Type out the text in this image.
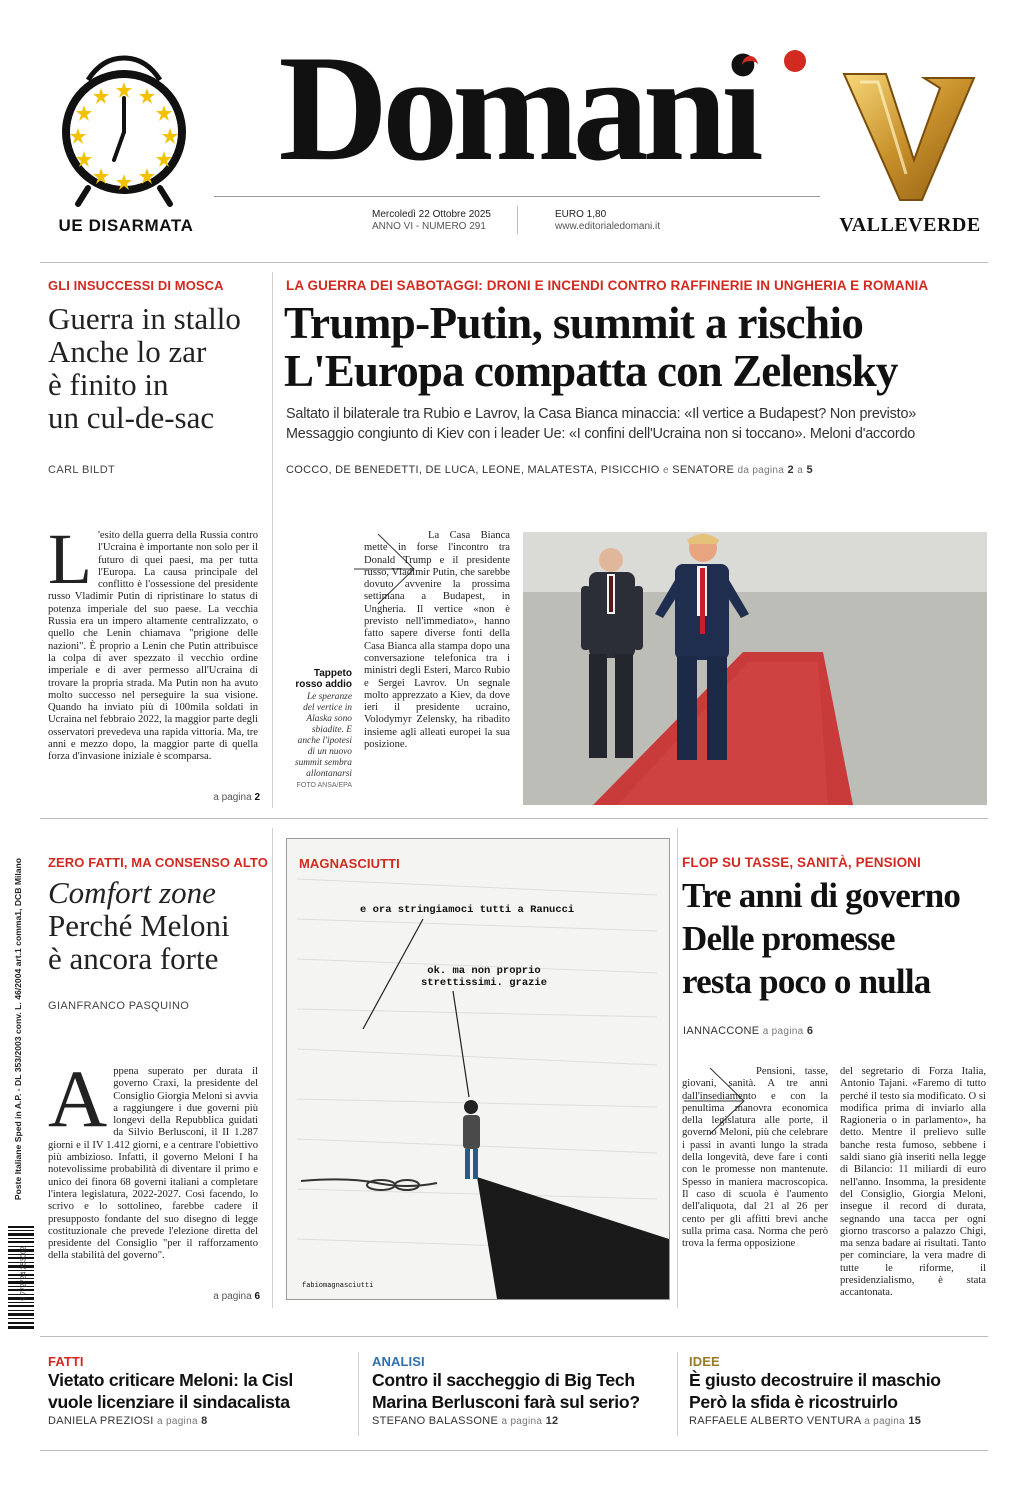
UE DISARMATA
Domani
Mercoledì 22 Ottobre 2025
ANNO VI - NUMERO 291
EURO 1,80
www.editorialedomani.it	VALLEVERDE
GLI INSUCCESSI DI MOSCA
Guerra in stallo
Anche lo zar
è finito in
un cul-de-sac
CARL BILDT
L 'esito della guerra della Russia contro l'Ucraina è importante non solo per il futuro di quei paesi, ma per tutta l'Europa. La causa principale del conflitto è l'ossessione del presidente russo Vladimir Putin di ripristinare lo status di potenza imperiale del suo paese. La vecchia Russia era un impero altamente centralizzato, o quello che Lenin chiamava "prigione delle nazioni". È proprio a Lenin che Putin attribuisce la colpa di aver spezzato il vecchio ordine imperiale e di aver permesso all'Ucraina di trovare la propria strada. Ma Putin non ha avuto molto successo nel perseguire la sua visione. Quando ha inviato più di 100mila soldati in Ucraina nel febbraio 2022, la maggior parte degli osservatori prevedeva una rapida vittoria. Ma, tre anni e mezzo dopo, la maggior parte di quella forza d'invasione iniziale è scomparsa.
a pagina 2
LA GUERRA DEI SABOTAGGI: DRONI E INCENDI CONTRO RAFFINERIE IN UNGHERIA E ROMANIA
Trump-Putin, summit a rischio
L'Europa compatta con Zelensky
Saltato il bilaterale tra Rubio e Lavrov, la Casa Bianca minaccia: «Il vertice a Budapest? Non previsto»
Messaggio congiunto di Kiev con i leader Ue: «I confini dell'Ucraina non si toccano». Meloni d'accordo
COCCO, DE BENEDETTI, DE LUCA, LEONE, MALATESTA, PISICCHIO e SENATORE da pagina 2 a 5
La Casa Bianca mette in forse l'incontro tra Donald Trump e il presidente russo, Vladimir Putin, che sarebbe dovuto avvenire la prossima settimana a Budapest, in Ungheria. Il vertice «non è previsto nell'immediato», hanno fatto sapere diverse fonti della Casa Bianca alla stampa dopo una conversazione telefonica tra i ministri degli Esteri, Marco Rubio e Sergei Lavrov. Un segnale molto apprezzato a Kiev, da dove ieri il presidente ucraino, Volodymyr Zelensky, ha ribadito insieme agli alleati europei la sua posizione.
Tappeto rosso addio
Le speranze del vertice in Alaska sono sbiadite. E anche l'ipotesi di un nuovo summit sembra allontanarsi
FOTO ANSA/EPA
ZERO FATTI, MA CONSENSO ALTO
Comfort zone
Perché Meloni
è ancora forte
GIANFRANCO PASQUINO
Appena superato per durata il governo Craxi, la presidente del Consiglio Giorgia Meloni si avvia a raggiungere i due governi più longevi della Repubblica guidati da Silvio Berlusconi, il II 1.287 giorni e il IV 1.412 giorni, e a centrare l'obiettivo più ambizioso. Infatti, il governo Meloni I ha notevolissime probabilità di diventare il primo e unico dei finora 68 governi italiani a completare l'intera legislatura, 2022-2027. Così facendo, lo scrivo e lo sottolineo, farebbe cadere il presupposto fondante del suo disegno di legge costituzionale che prevede l'elezione diretta del presidente del Consiglio "per il rafforzamento della stabilità del governo".
a pagina 6
MAGNASCIUTTI
e ora stringiamoci tutti a Ranucci
ok. ma non proprio
strettissimi. grazie
fabiomagnasciutti
FLOP SU TASSE, SANITÀ, PENSIONI
Tre anni di governo
Delle promesse
resta poco o nulla
IANNACCONE a pagina 6
Pensioni, tasse, giovani, sanità. A tre anni dall'insediamento e con la penultima manovra economica della legislatura alle porte, il governo Meloni, più che celebrare i passi in avanti lungo la strada della longevità, deve fare i conti con le promesse non mantenute. Spesso in maniera macroscopica. Il caso di scuola è l'aumento dell'aliquota, dal 21 al 26 per cento per gli affitti brevi anche sulla prima casa. Norma che però trova la ferma opposizione
del segretario di Forza Italia, Antonio Tajani. «Faremo di tutto perché il testo sia modificato. O si modifica prima di inviarlo alla Ragioneria o in parlamento», ha detto. Mentre il prelievo sulle banche resta fumoso, sebbene i saldi siano già inseriti nella legge di Bilancio: 11 miliardi di euro nell'anno. Insomma, la presidente del Consiglio, Giorgia Meloni, insegue il record di durata, segnando una tacca per ogni giorno trascorso a palazzo Chigi, ma senza badare ai risultati. Tanto per cominciare, la vera madre di tutte le riforme, il presidenzialismo, è stata accantonata.
Poste Italiane Sped in A.P. - DL 353/2003 conv. L. 46/2004 art.1 comma1, DCB Milano
9 772724 253002
FATTI
Vietato criticare Meloni: la Cisl
vuole licenziare il sindacalista
DANIELA PREZIOSI a pagina 8
ANALISI
Contro il saccheggio di Big Tech
Marina Berlusconi farà sul serio?
STEFANO BALASSONE a pagina 12
IDEE
È giusto decostruire il maschio
Però la sfida è ricostruirlo
RAFFAELE ALBERTO VENTURA a pagina 15
